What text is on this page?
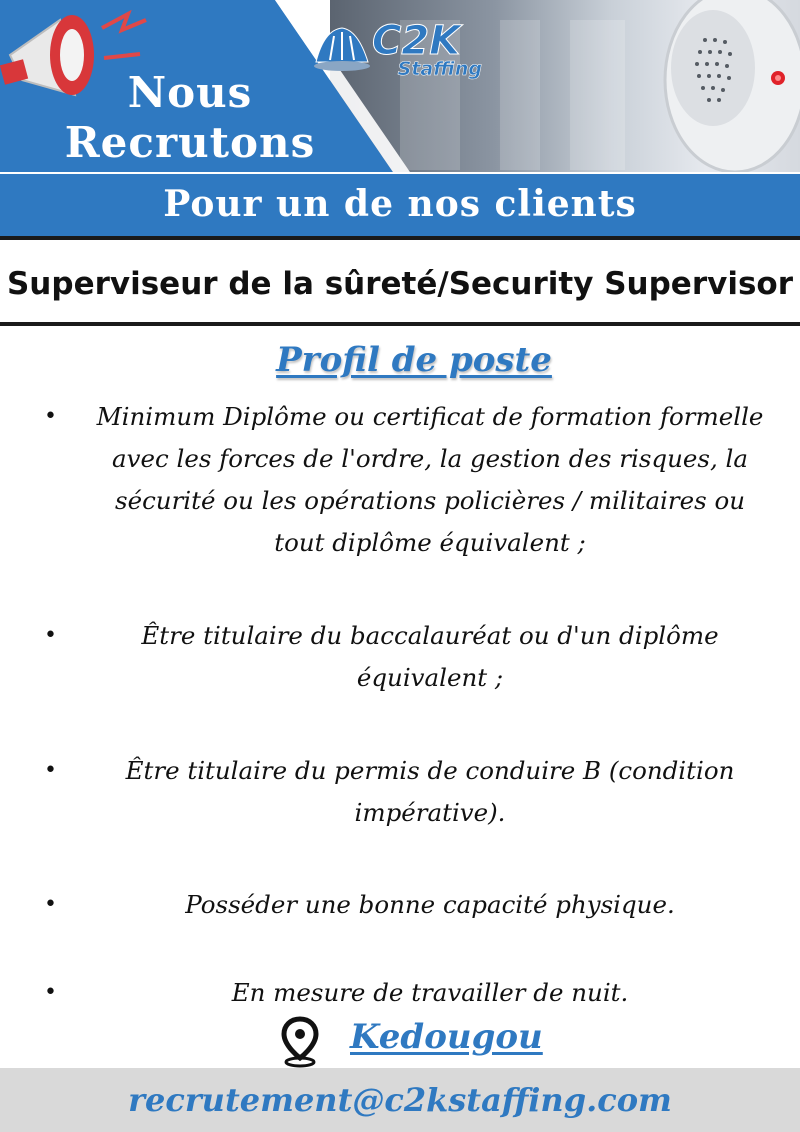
C2K
Staffing
Nous
Recrutons
Pour un de nos clients
Superviseur de la sûreté/Security Supervisor
Profil de poste
•	Minimum Diplôme ou certificat de formation formelle
avec les forces de l'ordre, la gestion des risques, la
sécurité ou les opérations policières / militaires ou
tout diplôme équivalent ;
•	Être titulaire du baccalauréat ou d'un diplôme
équivalent ;
•	Être titulaire du permis de conduire B (condition
impérative).
•	Posséder une bonne capacité physique.
•	En mesure de travailler de nuit.
Kedougou
recrutement@c2kstaffing.com
